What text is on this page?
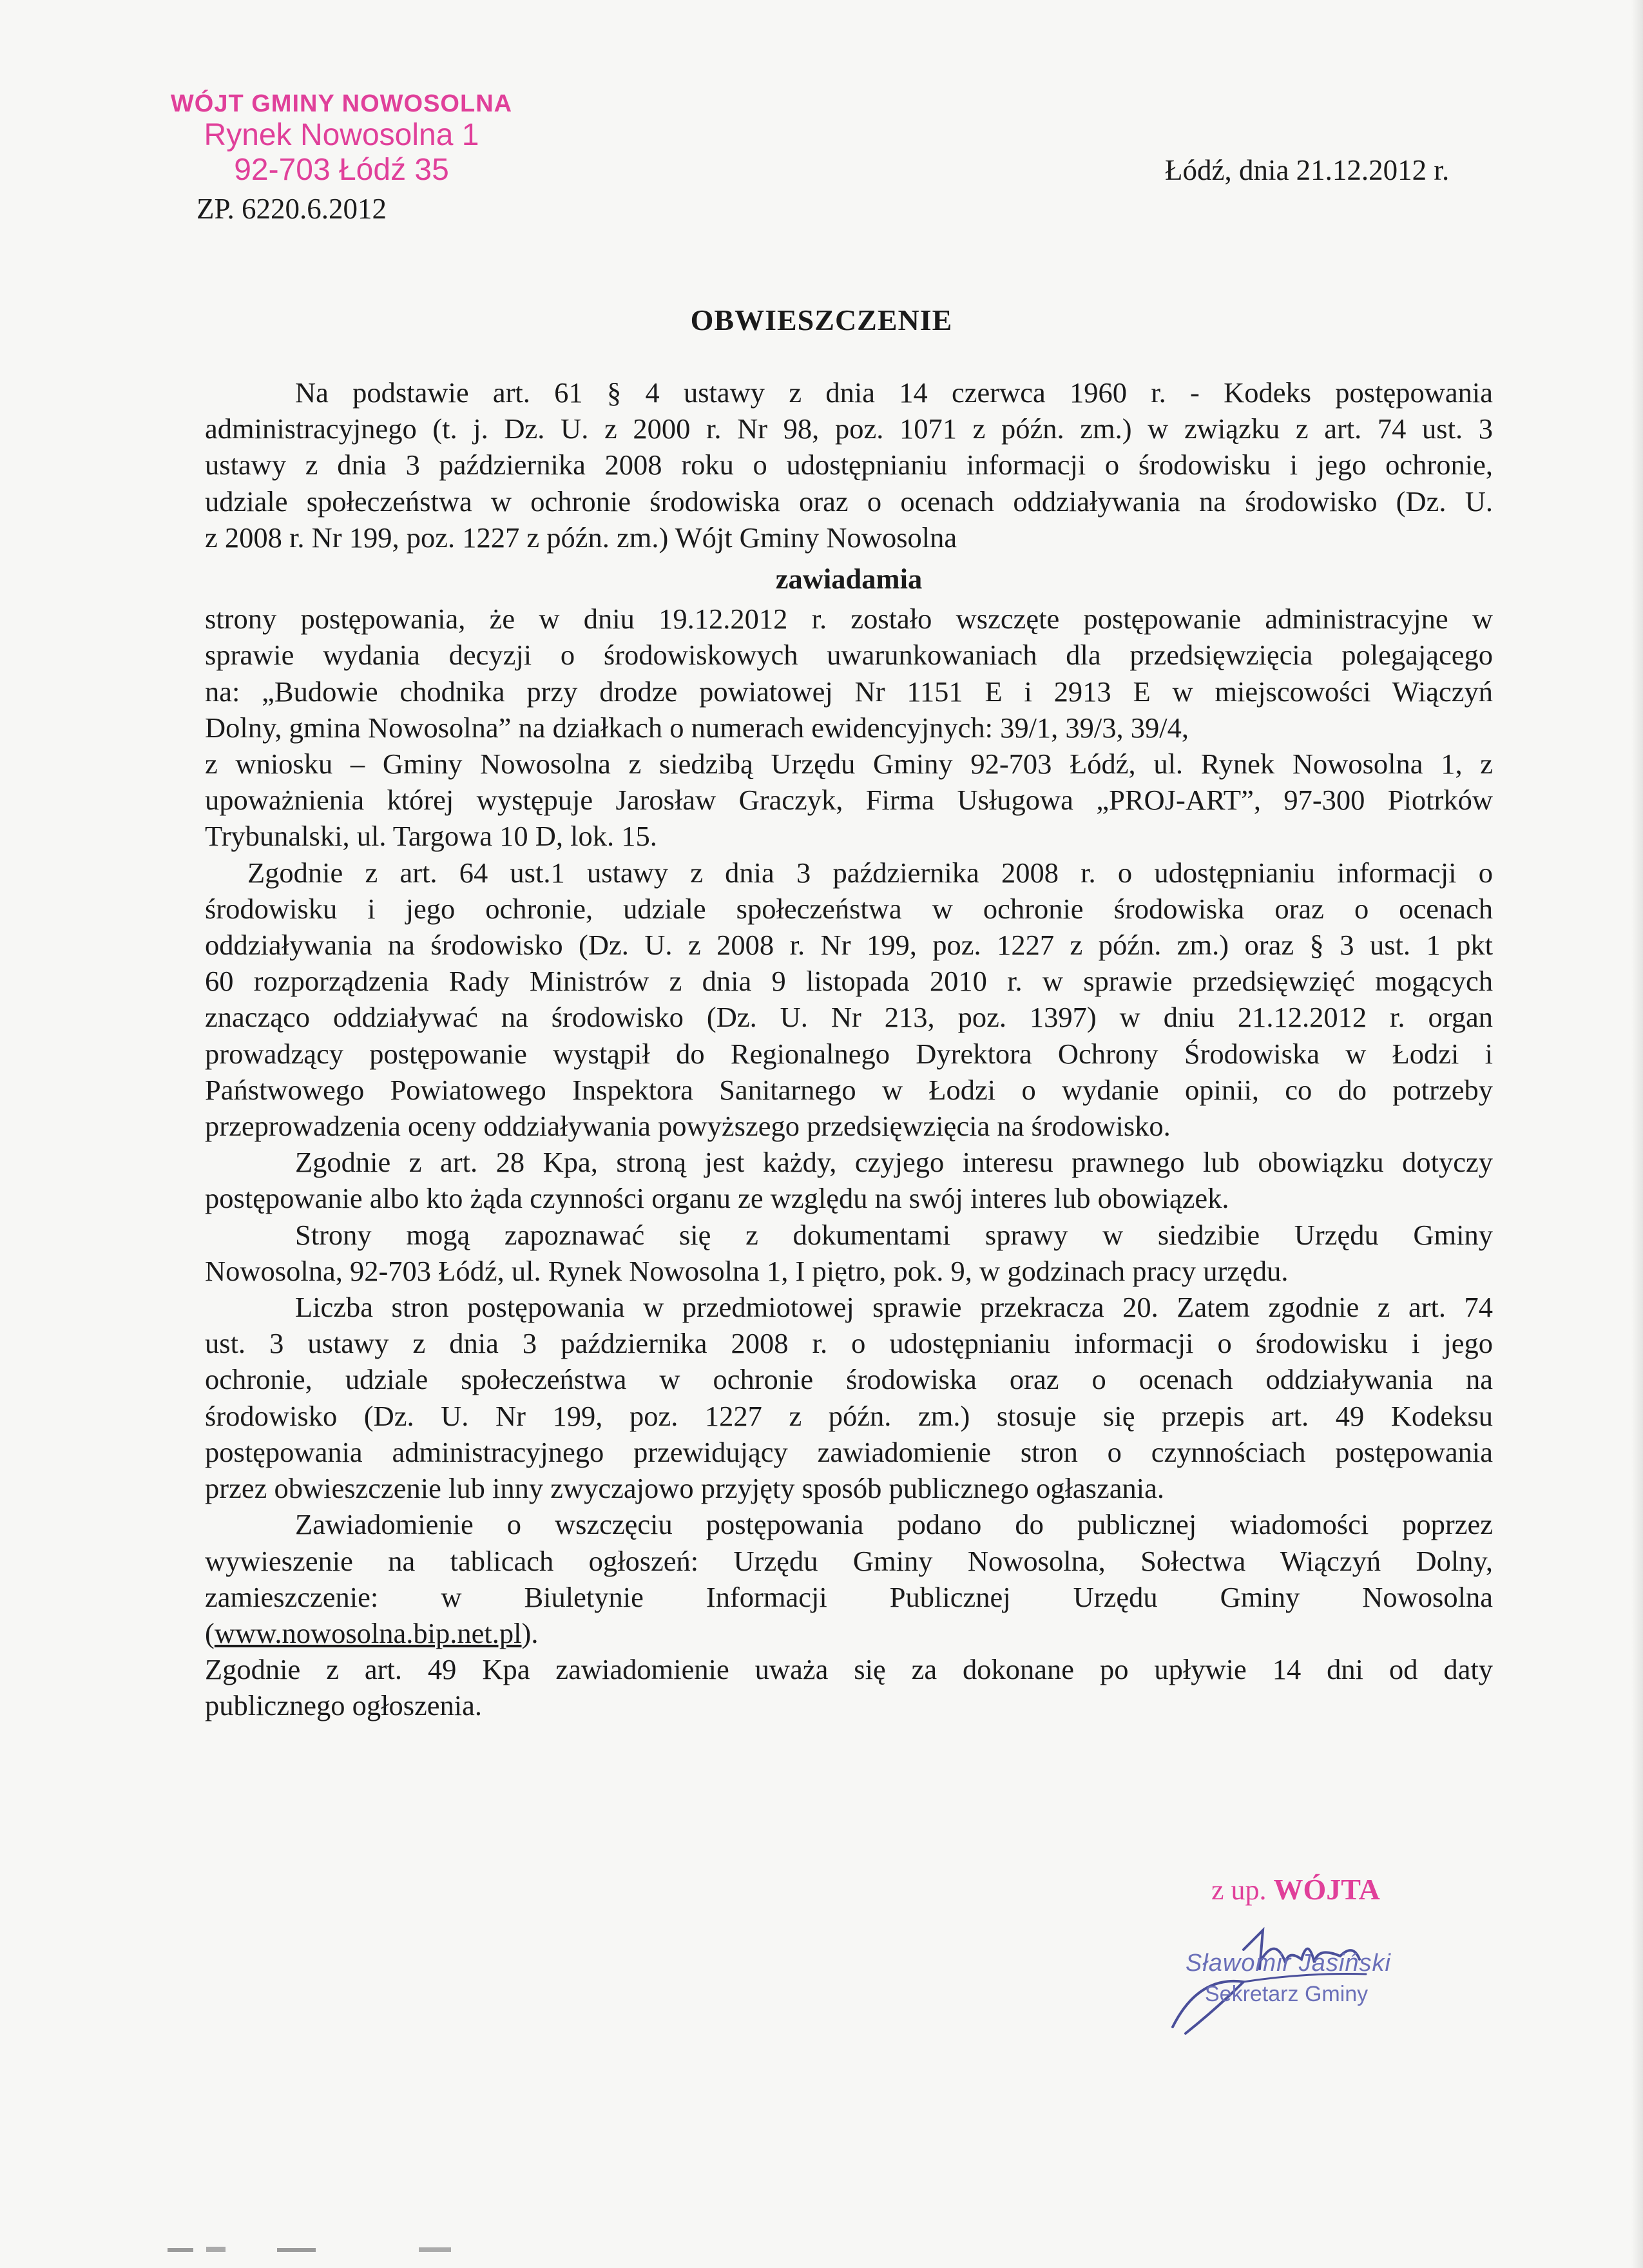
WÓJT GMINY NOWOSOLNA
Rynek Nowosolna 1
92-703 Łódź 35
ZP. 6220.6.2012
Łódź, dnia 21.12.2012 r.
OBWIESZCZENIE

Na podstawie art. 61 § 4 ustawy z dnia 14 czerwca 1960 r. - Kodeks postępowania

administracyjnego (t. j. Dz. U. z 2000 r. Nr 98, poz. 1071 z późn. zm.) w związku z art. 74 ust. 3

ustawy z dnia 3 października 2008 roku o udostępnianiu informacji o środowisku i jego ochronie,

udziale społeczeństwa w ochronie środowiska oraz o ocenach oddziaływania na środowisko (Dz. U.

z 2008 r. Nr 199, poz. 1227 z późn. zm.) Wójt Gminy Nowosolna

zawiadamia

strony postępowania, że w dniu 19.12.2012 r. zostało wszczęte postępowanie administracyjne w

sprawie wydania decyzji o środowiskowych uwarunkowaniach dla przedsięwzięcia polegającego

na: „Budowie chodnika przy drodze powiatowej Nr 1151 E i 2913 E w miejscowości Wiączyń

Dolny, gmina Nowosolna” na działkach o numerach ewidencyjnych: 39/1, 39/3, 39/4,

z wniosku – Gminy Nowosolna z siedzibą Urzędu Gminy 92-703 Łódź, ul. Rynek Nowosolna 1, z

upoważnienia której występuje Jarosław Graczyk, Firma Usługowa „PROJ-ART”, 97-300 Piotrków

Trybunalski, ul. Targowa 10 D, lok. 15.

Zgodnie z art. 64 ust.1 ustawy z dnia 3 października 2008 r. o udostępnianiu informacji o

środowisku i jego ochronie, udziale społeczeństwa w ochronie środowiska oraz o ocenach

oddziaływania na środowisko (Dz. U. z 2008 r. Nr 199, poz. 1227 z późn. zm.) oraz § 3 ust. 1 pkt

60 rozporządzenia Rady Ministrów z dnia 9 listopada 2010 r. w sprawie przedsięwzięć mogących

znacząco oddziaływać na środowisko (Dz. U. Nr 213, poz. 1397) w dniu 21.12.2012 r. organ

prowadzący postępowanie wystąpił do Regionalnego Dyrektora Ochrony Środowiska w Łodzi i

Państwowego Powiatowego Inspektora Sanitarnego w Łodzi o wydanie opinii, co do potrzeby

przeprowadzenia oceny oddziaływania powyższego przedsięwzięcia na środowisko.

Zgodnie z art. 28 Kpa, stroną jest każdy, czyjego interesu prawnego lub obowiązku dotyczy

postępowanie albo kto żąda czynności organu ze względu na swój interes lub obowiązek.

Strony mogą zapoznawać się z dokumentami sprawy w siedzibie Urzędu Gminy

Nowosolna, 92-703 Łódź, ul. Rynek Nowosolna 1, I piętro, pok. 9, w godzinach pracy urzędu.

Liczba stron postępowania w przedmiotowej sprawie przekracza 20. Zatem zgodnie z art. 74

ust. 3 ustawy z dnia 3 października 2008 r. o udostępnianiu informacji o środowisku i jego

ochronie, udziale społeczeństwa w ochronie środowiska oraz o ocenach oddziaływania na

środowisko (Dz. U. Nr 199, poz. 1227 z późn. zm.) stosuje się przepis art. 49 Kodeksu

postępowania administracyjnego przewidujący zawiadomienie stron o czynnościach postępowania

przez obwieszczenie lub inny zwyczajowo przyjęty sposób publicznego ogłaszania.

Zawiadomienie o wszczęciu postępowania podano do publicznej wiadomości poprzez

wywieszenie na tablicach ogłoszeń: Urzędu Gminy Nowosolna, Sołectwa Wiączyń Dolny,

zamieszczenie: w Biuletynie Informacji Publicznej Urzędu Gminy Nowosolna

(www.nowosolna.bip.net.pl).

Zgodnie z art. 49 Kpa zawiadomienie uważa się za dokonane po upływie 14 dni od daty

publicznego ogłoszenia.

z up. WÓJTA
Sławomir Jasiński
Sekretarz Gminy
